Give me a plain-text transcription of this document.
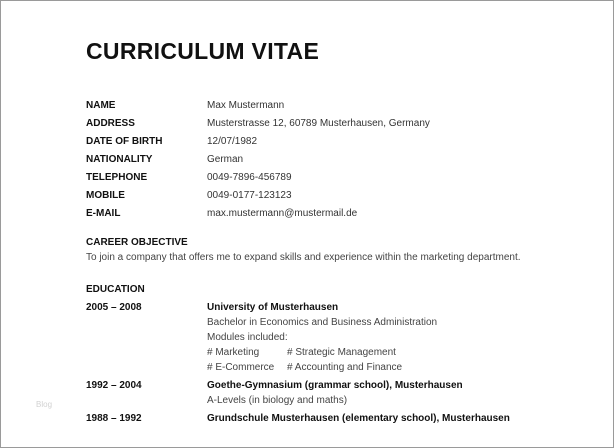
CURRICULUM VITAE
NAME	Max Mustermann
ADDRESS	Musterstrasse 12, 60789 Musterhausen, Germany
DATE OF BIRTH	12/07/1982
NATIONALITY	German
TELEPHONE	0049-7896-456789
MOBILE	0049-0177-123123
E-MAIL	max.mustermann@mustermail.de
CAREER OBJECTIVE
To join a company that offers me to expand skills and experience within the marketing department.
EDUCATION
2005 – 2008	University of Musterhausen
Bachelor in Economics and Business Administration
Modules included:
# Marketing	# Strategic Management
# E-Commerce	# Accounting and Finance
1992 – 2004	Goethe-Gymnasium (grammar school), Musterhausen
A-Levels (in biology and maths)
1988 – 1992	Grundschule Musterhausen (elementary school), Musterhausen
Blog
